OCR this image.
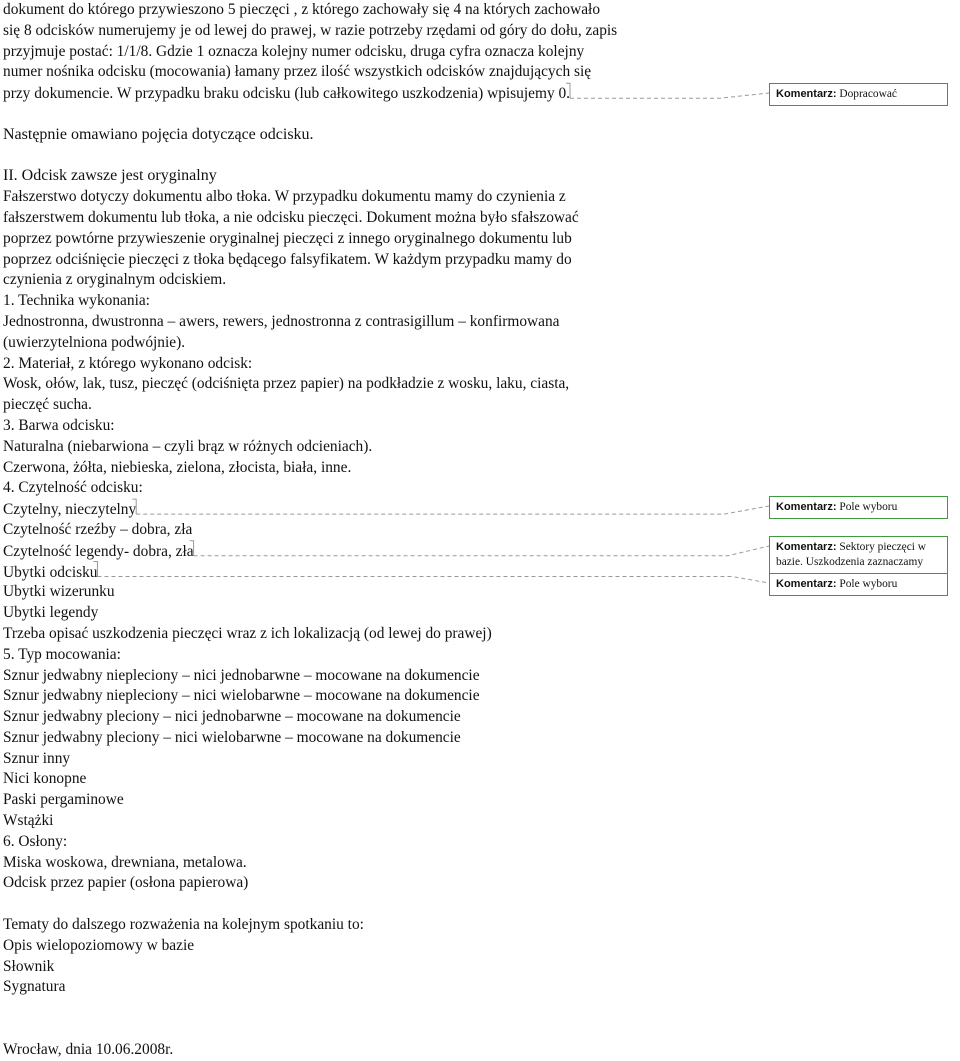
dokument do którego przywieszono 5 pieczęci , z którego zachowały się 4 na których zachowało
się 8 odcisków numerujemy je od lewej do prawej, w razie potrzeby rzędami od góry do dołu, zapis
przyjmuje postać: 1/1/8. Gdzie 1 oznacza kolejny numer odcisku, druga cyfra oznacza kolejny
numer nośnika odcisku (mocowania) łamany przez ilość wszystkich odcisków znajdujących się
przy dokumencie. W przypadku braku odcisku (lub całkowitego uszkodzenia) wpisujemy 0.
Następnie omawiano pojęcia dotyczące odcisku.
II. Odcisk zawsze jest oryginalny
Fałszerstwo dotyczy dokumentu albo tłoka. W przypadku dokumentu mamy do czynienia z
fałszerstwem dokumentu lub tłoka, a nie odcisku pieczęci. Dokument można było sfałszować
poprzez powtórne przywieszenie oryginalnej pieczęci z innego oryginalnego dokumentu lub
poprzez odciśnięcie pieczęci z tłoka będącego falsyfikatem. W każdym przypadku mamy do
czynienia z oryginalnym odciskiem.
1. Technika wykonania:
Jednostronna, dwustronna – awers, rewers, jednostronna z contrasigillum – konfirmowana
(uwierzytelniona podwójnie).
2. Materiał, z którego wykonano odcisk:
Wosk, ołów, lak, tusz, pieczęć (odciśnięta przez papier) na podkładzie z wosku, laku, ciasta,
pieczęć sucha.
3. Barwa odcisku:
Naturalna (niebarwiona – czyli brąz w różnych odcieniach).
Czerwona, żółta, niebieska, zielona, złocista, biała, inne.
4. Czytelność odcisku:
Czytelny, nieczytelny
Czytelność rzeźby – dobra, zła
Czytelność legendy- dobra, zła
Ubytki odcisku
Ubytki wizerunku
Ubytki legendy
Trzeba opisać uszkodzenia pieczęci wraz z ich lokalizacją (od lewej do prawej)
5. Typ mocowania:
Sznur jedwabny niepleciony – nici jednobarwne – mocowane na dokumencie
Sznur jedwabny niepleciony – nici wielobarwne – mocowane na dokumencie
Sznur jedwabny pleciony – nici jednobarwne – mocowane na dokumencie
Sznur jedwabny pleciony – nici wielobarwne – mocowane na dokumencie
Sznur inny
Nici konopne
Paski pergaminowe
Wstążki
6. Osłony:
Miska woskowa, drewniana, metalowa.
Odcisk przez papier (osłona papierowa)
Tematy do dalszego rozważenia na kolejnym spotkaniu to:
Opis wielopoziomowy w bazie
Słownik
Sygnatura
Wrocław, dnia 10.06.2008r.
Komentarz: Dopracować
Komentarz: Pole wyboru
Komentarz: Sektory pieczęci w bazie. Uszkodzenia zaznaczamy
Komentarz: Pole wyboru
